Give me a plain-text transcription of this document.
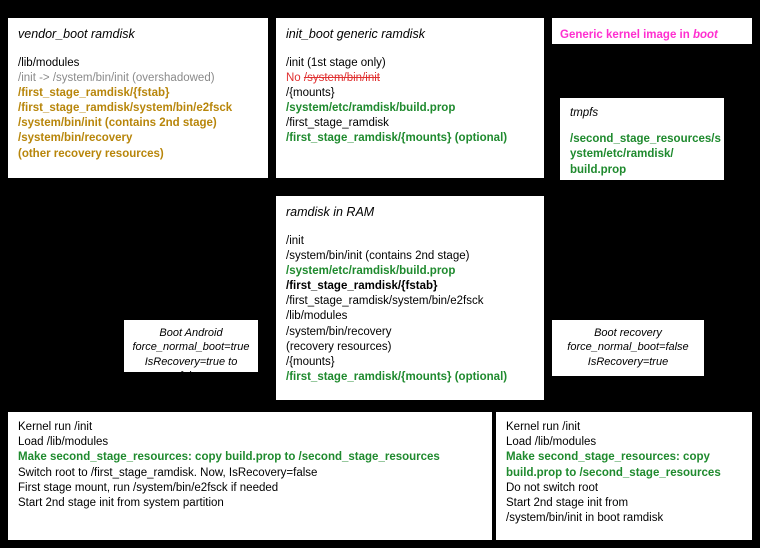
vendor_boot ramdisk
/lib/modules
/init -> /system/bin/init (overshadowed)
/first_stage_ramdisk/{fstab}
/first_stage_ramdisk/system/bin/e2fsck
/system/bin/init (contains 2nd stage)
/system/bin/recovery
(other recovery resources)
init_boot generic ramdisk
/init (1st stage only)
No /system/bin/init
/{mounts}
/system/etc/ramdisk/build.prop
/first_stage_ramdisk
/first_stage_ramdisk/{mounts} (optional)
Generic kernel image in boot
tmpfs
/second_stage_resources/s
ystem/etc/ramdisk/
build.prop
ramdisk in RAM
/init
/system/bin/init (contains 2nd stage)
/system/etc/ramdisk/build.prop
/first_stage_ramdisk/{fstab}
/first_stage_ramdisk/system/bin/e2fsck
/lib/modules
/system/bin/recovery
(recovery resources)
/{mounts}
/first_stage_ramdisk/{mounts} (optional)
Boot Android
force_normal_boot=true
IsRecovery=true to false
Boot recovery
force_normal_boot=false
IsRecovery=true
Kernel run /init
Load /lib/modules
Make second_stage_resources: copy build.prop to /second_stage_resources
Switch root to /first_stage_ramdisk. Now, IsRecovery=false
First stage mount, run /system/bin/e2fsck if needed
Start 2nd stage init from system partition
Kernel run /init
Load /lib/modules
Make second_stage_resources: copy
build.prop to /second_stage_resources
Do not switch root
Start 2nd stage init from
/system/bin/init in boot ramdisk
